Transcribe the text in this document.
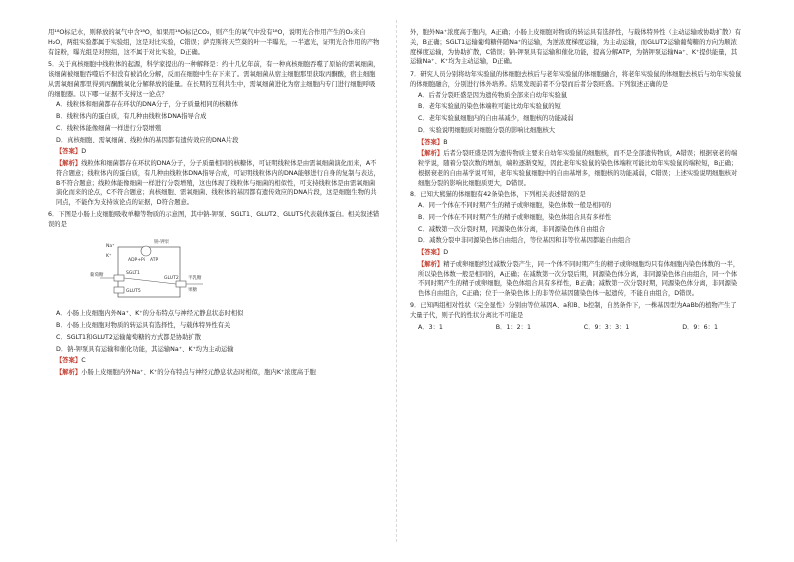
用¹⁸O标记水，则释放的氧气中含¹⁸O，如果用¹⁸O标记CO₂，则产生的氧气中没有¹⁸O，说明光合作用产生的O₂来自H₂O，两组实验都属于实验组，这是对比实验，C错误；萨克斯将天竺葵的叶一半曝光，一半遮光，证明光合作用的产物有淀粉，曝光组是对照组，这不属于对比实验，D正确。

5．关于真核细胞中线粒体的起源，科学家提出的一种解释是：约十几亿年前，有一种真核细胞吞噬了原始的需氧细菌，该细菌被细胞吞噬后不但没有被消化分解，反而在细胞中生存下来了。需氧细菌从宿主细胞那里获取丙酮酸，宿主细胞从需氧细菌那里得到丙酮酸氧化分解释放的能量。在长期的互利共生中，需氧细菌进化为宿主细胞内专门进行细胞呼吸的细胞器。以下哪一证据不支持这一论点？

A．线粒体和细菌都存在环状的DNA分子，分子质量相同的核糖体

B．线粒体内的蛋白质，有几种由线粒体DNA指导合成

C．线粒体能像细菌一样进行分裂增殖

D．真核细胞、需氧细菌、线粒体的基因都有遗传效应的DNA片段

【答案】D

【解析】线粒体和细菌都存在环状的DNA分子，分子质量相同的核糖体，可证明线粒体是由需氧细菌演化而来，A不符合题意；线粒体内的蛋白质，有几种由线粒体DNA指导合成，可证明线粒体内的DNA能够进行自身的复制与表达，B不符合题意；线粒体能像细菌一样进行分裂增殖，这也体现了线粒体与细菌的相似性，可支持线粒体是由需氧细菌演化而来的论点，C不符合题意；真核细胞、需氧细菌、线粒体的基因都有遗传效应的DNA片段，这是细胞生物的共同点，不能作为支持该论点的证据，D符合题意。

6．下图是小肠上皮细胞吸收单糖等物质的示意图，其中钠-钾泵、SGLT1、GLUT2、GLUT5代表载体蛋白。相关叙述错误的是

Na⁺
K⁺
钠-钾泵
ADP+Pi ATP
葡萄糖	SGLT1
GLUT5
GLUT2 半乳糖
果糖

A．小肠上皮细胞内外Na⁺、K⁺的分布特点与神经元静息状态时相似

B．小肠上皮细胞对物质的转运具有选择性，与载体特异性有关

C．SGLT1和GLUT2运输葡萄糖的方式都是协助扩散

D．钠-钾泵具有运输和催化功能，其运输Na⁺、K⁺均为主动运输

【答案】C

【解析】小肠上皮细胞内外Na⁺、K⁺的分布特点与神经元静息状态时相似，胞内K⁺浓度高于胞

外，胞外Na⁺浓度高于胞内，A正确；小肠上皮细胞对物质的转运具有选择性，与载体特异性（主动运输或协助扩散）有关，B正确；SGLT1运输葡萄糖伴随Na⁺的运输，为逆浓度梯度运输，为主动运输，而GLUT2运输葡萄糖的方向为顺浓度梯度运输，为协助扩散，C错误；钠-钾泵具有运输和催化功能，提高分解ATP，为钠钾泵运输Na⁺、K⁺提供能量，其运输Na⁺、K⁺均为主动运输，D正确。

7．研究人员分别将幼年实验鼠的体细胞去核后与老年实验鼠的体细胞融合，将老年实验鼠的体细胞去核后与幼年实验鼠的体细胞融合，分别进行体外培养。结果发现前者不分裂而后者分裂旺盛。下列叙述正确的是

A．后者分裂旺盛是因为遗传物质全部来自幼年实验鼠

B．老年实验鼠的染色体端粒可能比幼年实验鼠的短

C．老年实验鼠细胞内的自由基减少，细胞核的功能减弱

D．实验说明细胞质对细胞分裂的影响比细胞核大

【答案】B

【解析】后者分裂旺盛是因为遗传物质主要来自幼年实验鼠的细胞核，而不是全部遗传物质，A错误；根据衰老的端粒学说，随着分裂次数的增加，端粒逐渐变短，因此老年实验鼠的染色体端粒可能比幼年实验鼠的端粒短，B正确；根据衰老的自由基学说可知，老年实验鼠细胞中的自由基增多，细胞核的功能减弱，C错误；上述实验说明细胞核对细胞分裂的影响比细胞质更大，D错误。

8．已知大熊猫的体细胞有42条染色体，下列相关表述错误的是

A．同一个体在不同时期产生的精子或卵细胞，染色体数一般是相同的

B．同一个体在不同时期产生的精子或卵细胞，染色体组合具有多样性

C．减数第一次分裂时期，同源染色体分离，非同源染色体自由组合

D．减数分裂中非同源染色体自由组合，等位基因和非等位基因都能自由组合

【答案】D

【解析】精子或卵细胞经过减数分裂产生，同一个体不同时期产生的精子或卵细胞均只有体细胞内染色体数的一半，所以染色体数一般是相同的，A正确；在减数第一次分裂后期，同源染色体分离，非同源染色体自由组合，同一个体不同时期产生的精子或卵细胞，染色体组合具有多样性，B正确；减数第一次分裂时期，同源染色体分离，非同源染色体自由组合，C正确；位于一条染色体上的非等位基因随染色体一起遗传，不能自由组合，D错误。

9．已知两组相对性状（完全显性）分别由等位基因A、a和B、b控制，自然条件下，一株基因型为AaBb的植物产生了大量子代，则子代的性状分离比不可能是

A．3：1	B．1：2：1	C．9：3：3：1	D．9：6：1
